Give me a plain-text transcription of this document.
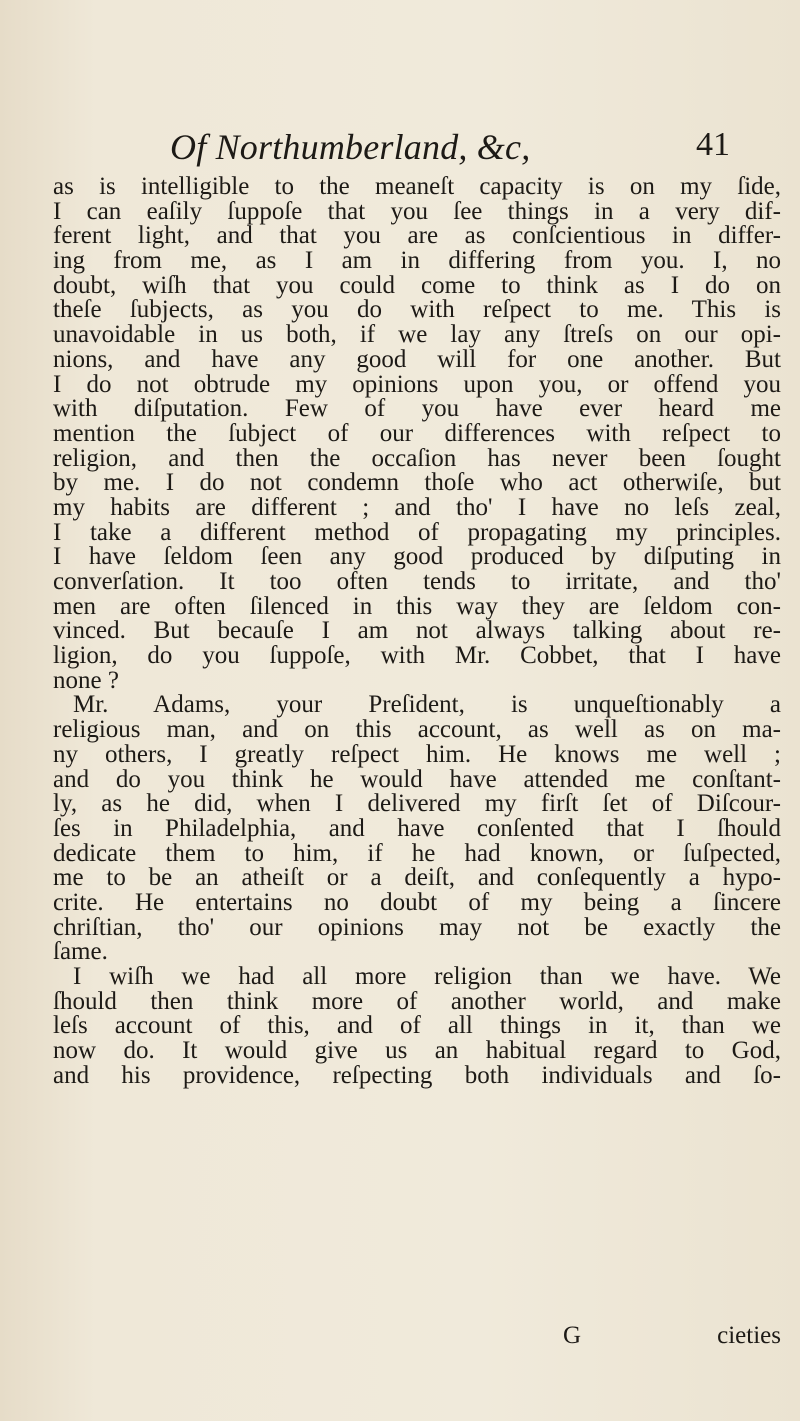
Of Northumberland, &c,	41
as is intelligible to the meaneſt capacity is on my ſide,
I can eaſily ſuppoſe that you ſee things in a very dif-
ferent light, and that you are as conſcientious in differ-
ing from me, as I am in differing from you. I, no
doubt, wiſh that you could come to think as I do on
theſe ſubjects, as you do with reſpect to me. This is
unavoidable in us both, if we lay any ſtreſs on our opi-
nions, and have any good will for one another. But
I do not obtrude my opinions upon you, or offend you
with diſputation. Few of you have ever heard me
mention the ſubject of our differences with reſpect to
religion, and then the occaſion has never been ſought
by me. I do not condemn thoſe who act otherwiſe, but
my habits are different ; and tho' I have no leſs zeal,
I take a different method of propagating my principles.
I have ſeldom ſeen any good produced by diſputing in
converſation. It too often tends to irritate, and tho'
men are often ſilenced in this way they are ſeldom con-
vinced. But becauſe I am not always talking about re-
ligion, do you ſuppoſe, with Mr. Cobbet, that I have
none ?
Mr. Adams, your Preſident, is unqueſtionably a
religious man, and on this account, as well as on ma-
ny others, I greatly reſpect him. He knows me well ;
and do you think he would have attended me conſtant-
ly, as he did, when I delivered my firſt ſet of Diſcour-
ſes in Philadelphia, and have conſented that I ſhould
dedicate them to him, if he had known, or ſuſpected,
me to be an atheiſt or a deiſt, and conſequently a hypo-
crite. He entertains no doubt of my being a ſincere
chriſtian, tho' our opinions may not be exactly the
ſame.
I wiſh we had all more religion than we have. We
ſhould then think more of another world, and make
leſs account of this, and of all things in it, than we
now do. It would give us an habitual regard to God,
and his providence, reſpecting both individuals and ſo-
G	cieties
